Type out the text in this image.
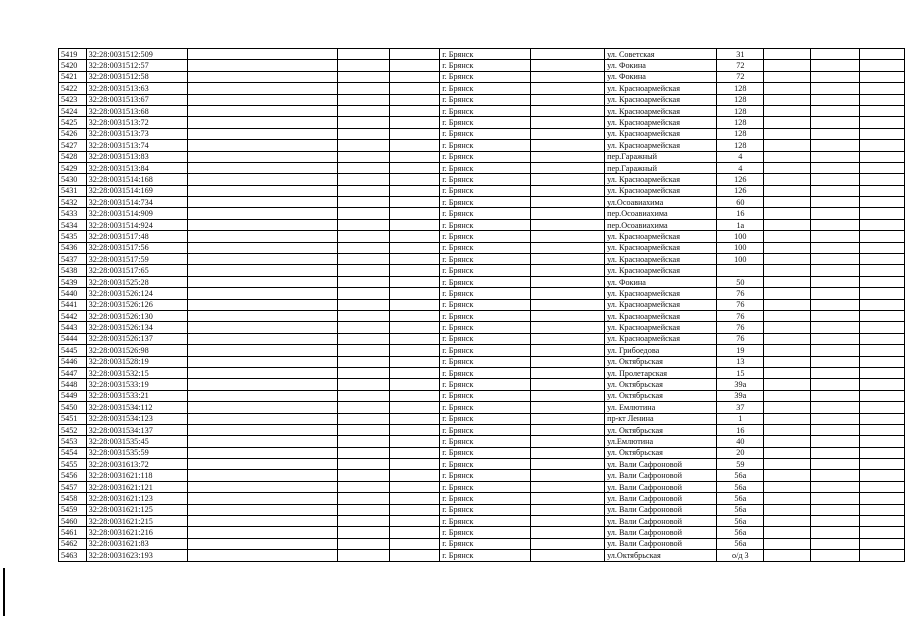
5419	32:28:0031512:509				г. Брянск		ул. Советская	31			
5420	32:28:0031512:57				г. Брянск		ул. Фокина	72			
5421	32:28:0031512:58				г. Брянск		ул. Фокина	72			
5422	32:28:0031513:63				г. Брянск		ул. Красноармейская	128			
5423	32:28:0031513:67				г. Брянск		ул. Красноармейская	128			
5424	32:28:0031513:68				г. Брянск		ул. Красноармейская	128			
5425	32:28:0031513:72				г. Брянск		ул. Красноармейская	128			
5426	32:28:0031513:73				г. Брянск		ул. Красноармейская	128			
5427	32:28:0031513:74				г. Брянск		ул. Красноармейская	128			
5428	32:28:0031513:83				г. Брянск		пер.Гаражный	4			
5429	32:28:0031513:84				г. Брянск		пер.Гаражный	4			
5430	32:28:0031514:168				г. Брянск		ул. Красноармейская	126			
5431	32:28:0031514:169				г. Брянск		ул. Красноармейская	126			
5432	32:28:0031514:734				г. Брянск		ул.Осоавиахима	60			
5433	32:28:0031514:909				г. Брянск		пер.Осоавиахима	16			
5434	32:28:0031514:924				г. Брянск		пер.Осоавиахима	1а			
5435	32:28:0031517:48				г. Брянск		ул. Красноармейская	100			
5436	32:28:0031517:56				г. Брянск		ул. Красноармейская	100			
5437	32:28:0031517:59				г. Брянск		ул. Красноармейская	100			
5438	32:28:0031517:65				г. Брянск		ул. Красноармейская				
5439	32:28:0031525:28				г. Брянск		ул. Фокина	50			
5440	32:28:0031526:124				г. Брянск		ул. Красноармейская	76			
5441	32:28:0031526:126				г. Брянск		ул. Красноармейская	76			
5442	32:28:0031526:130				г. Брянск		ул. Красноармейская	76			
5443	32:28:0031526:134				г. Брянск		ул. Красноармейская	76			
5444	32:28:0031526:137				г. Брянск		ул. Красноармейская	76			
5445	32:28:0031526:98				г. Брянск		ул. Грибоедова	19			
5446	32:28:0031528:19				г. Брянск		ул. Октябрьская	13			
5447	32:28:0031532:15				г. Брянск		ул. Пролетарская	15			
5448	32:28:0031533:19				г. Брянск		ул. Октябрьская	39а			
5449	32:28:0031533:21				г. Брянск		ул. Октябрьская	39а			
5450	32:28:0031534:112				г. Брянск		ул. Емлютина	37			
5451	32:28:0031534:123				г. Брянск		пр-кт Ленина	1			
5452	32:28:0031534:137				г. Брянск		ул. Октябрьская	16			
5453	32:28:0031535:45				г. Брянск		ул.Емлютина	40			
5454	32:28:0031535:59				г. Брянск		ул. Октябрьская	20			
5455	32:28:0031613:72				г. Брянск		ул. Вали Сафроновой	59			
5456	32:28:0031621:118				г. Брянск		ул. Вали Сафроновой	56а			
5457	32:28:0031621:121				г. Брянск		ул. Вали Сафроновой	56а			
5458	32:28:0031621:123				г. Брянск		ул. Вали Сафроновой	56а			
5459	32:28:0031621:125				г. Брянск		ул. Вали Сафроновой	56а			
5460	32:28:0031621:215				г. Брянск		ул. Вали Сафроновой	56а			
5461	32:28:0031621:216				г. Брянск		ул. Вали Сафроновой	56а			
5462	32:28:0031621:83				г. Брянск		ул. Вали Сафроновой	56а			
5463	32:28:0031623:193				г. Брянск		ул.Октябрьская	о/д 3			
